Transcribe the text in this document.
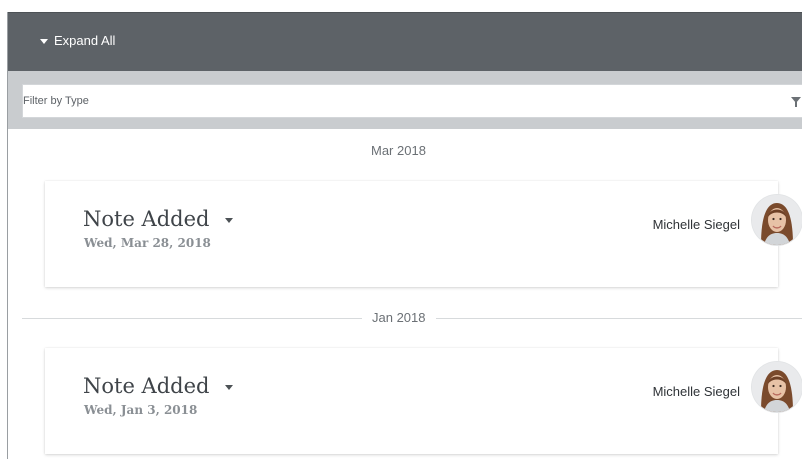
Expand All
Filter by Type
Mar 2018
Note Added
Wed, Mar 28, 2018
Michelle Siegel
Jan 2018
Note Added
Wed, Jan 3, 2018
Michelle Siegel
